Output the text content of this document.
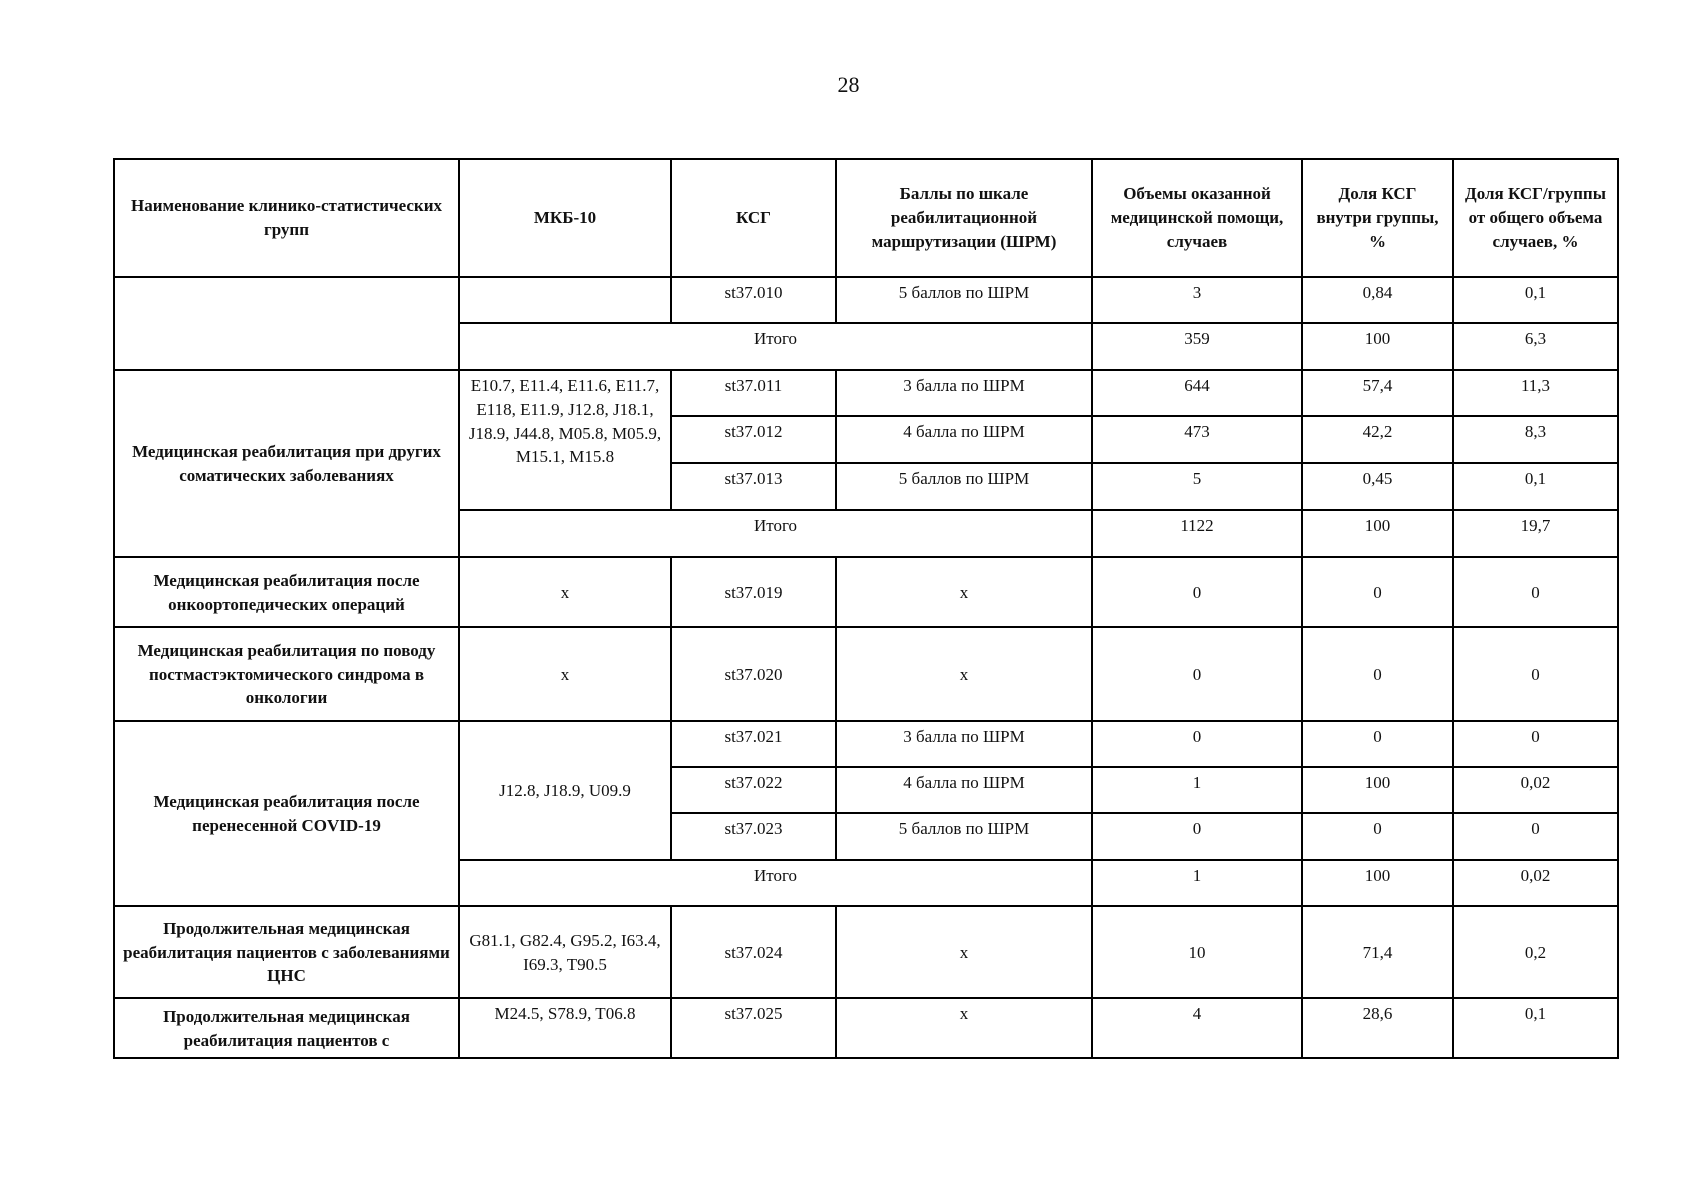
28
Наименование клинико-статистических групп	МКБ-10	КСГ	Баллы по шкале реабилитационной маршрутизации (ШРМ)	Объемы оказанной медицинской помощи, случаев	Доля КСГ внутри группы, %	Доля КСГ/группы от общего объема случаев, %
		st37.010	5 баллов по ШРМ	3	0,84	0,1
	Итого			359	100	6,3
Медицинская реабилитация при других соматических заболеваниях	E10.7, E11.4, E11.6, E11.7, E118, E11.9, J12.8, J18.1, J18.9, J44.8, M05.8, M05.9, M15.1, M15.8	st37.011	3 балла по ШРМ	644	57,4	11,3
		st37.012	4 балла по ШРМ	473	42,2	8,3
		st37.013	5 баллов по ШРМ	5	0,45	0,1
	Итого			1122	100	19,7
Медицинская реабилитация после онкоортопедических операций	x	st37.019	x	0	0	0
Медицинская реабилитация по поводу постмастэктомического синдрома в онкологии	x	st37.020	x	0	0	0
Медицинская реабилитация после перенесенной COVID-19	J12.8, J18.9, U09.9	st37.021	3 балла по ШРМ	0	0	0
		st37.022	4 балла по ШРМ	1	100	0,02
		st37.023	5 баллов по ШРМ	0	0	0
	Итого			1	100	0,02
Продолжительная медицинская реабилитация пациентов с заболеваниями ЦНС	G81.1, G82.4, G95.2, I63.4, I69.3, T90.5	st37.024	x	10	71,4	0,2
Продолжительная медицинская реабилитация пациентов с	M24.5, S78.9, T06.8	st37.025	x	4	28,6	0,1
